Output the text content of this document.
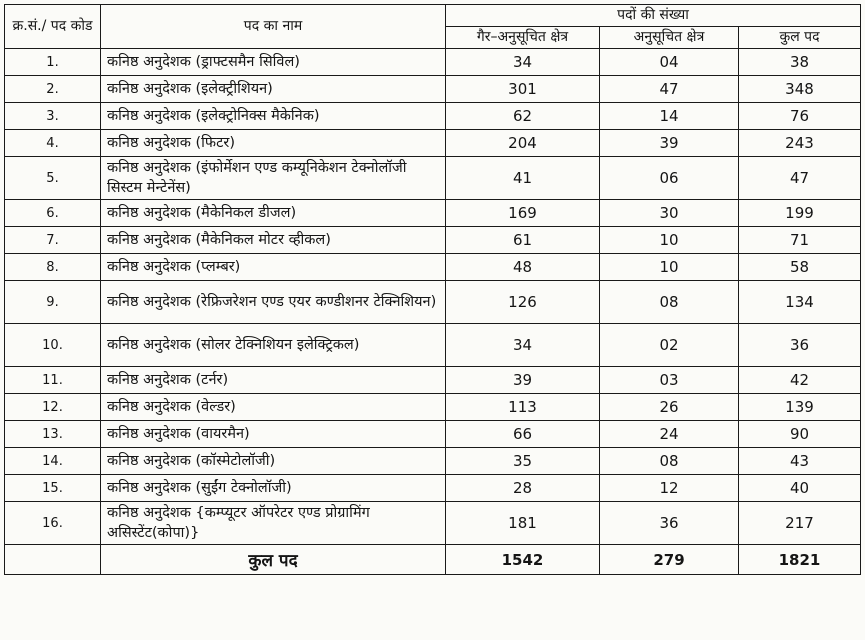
क्र.सं./ पद कोड	पद का नाम	पदों की संख्या		
		गैर–अनुसूचित क्षेत्र	अनुसूचित क्षेत्र	कुल पद
1.	कनिष्ठ अनुदेशक (ड्राफ्टसमैन सिविल)	34	04	38
2.	कनिष्ठ अनुदेशक (इलेक्ट्रीशियन)	301	47	348
3.	कनिष्ठ अनुदेशक (इलेक्ट्रोनिक्स मैकेनिक)	62	14	76
4.	कनिष्ठ अनुदेशक (फिटर)	204	39	243
5.	कनिष्ठ अनुदेशक (इंफोर्मेशन एण्ड कम्यूनिकेशन टेक्नोलॉजी सिस्टम मेन्टेनेंस)	41	06	47
6.	कनिष्ठ अनुदेशक (मैकेनिकल डीजल)	169	30	199
7.	कनिष्ठ अनुदेशक (मैकेनिकल मोटर व्हीकल)	61	10	71
8.	कनिष्ठ अनुदेशक (प्लम्बर)	48	10	58
9.	कनिष्ठ अनुदेशक (रेफ्रिजरेशन एण्ड एयर कण्डीशनर टेक्निशियन)	126	08	134
10.	कनिष्ठ अनुदेशक (सोलर टेक्निशियन इलेक्ट्रिकल)	34	02	36
11.	कनिष्ठ अनुदेशक (टर्नर)	39	03	42
12.	कनिष्ठ अनुदेशक (वेल्डर)	113	26	139
13.	कनिष्ठ अनुदेशक (वायरमैन)	66	24	90
14.	कनिष्ठ अनुदेशक (कॉस्मेटोलॉजी)	35	08	43
15.	कनिष्ठ अनुदेशक (सुईंग टेक्नोलॉजी)	28	12	40
16.	कनिष्ठ अनुदेशक {कम्प्यूटर ऑपरेटर एण्ड प्रोग्रामिंग असिस्टेंट(कोपा)}	181	36	217
	कुल पद	1542	279	1821
